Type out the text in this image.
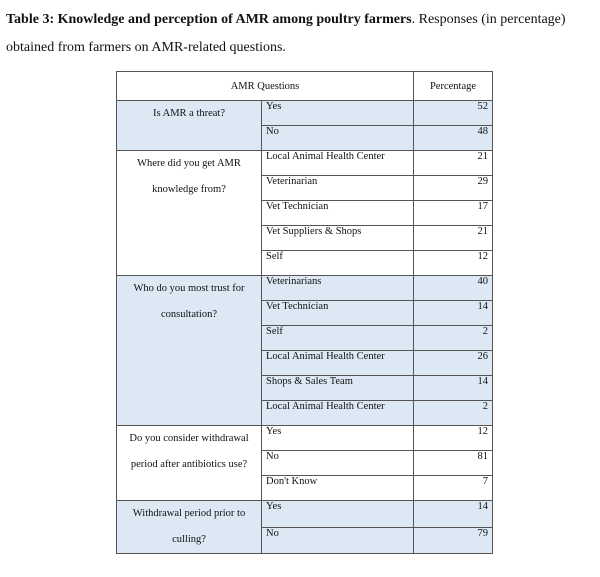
Table 3: Knowledge and perception of AMR among poultry farmers. Responses (in percentage) obtained from farmers on AMR-related questions.
AMR Questions		Percentage
Is AMR a threat?	Yes	52
	No	48
Where did you get AMR knowledge from?	Local Animal Health Center	21
	Veterinarian	29
	Vet Technician	17
	Vet Suppliers & Shops	21
	Self	12
Who do you most trust for consultation?	Veterinarians	40
	Vet Technician	14
	Self	2
	Local Animal Health Center	26
	Shops & Sales Team	14
	Local Animal Health Center	2
Do you consider withdrawal period after antibiotics use?	Yes	12
	No	81
	Don't Know	7
Withdrawal period prior to culling?	Yes	14
	No	79
